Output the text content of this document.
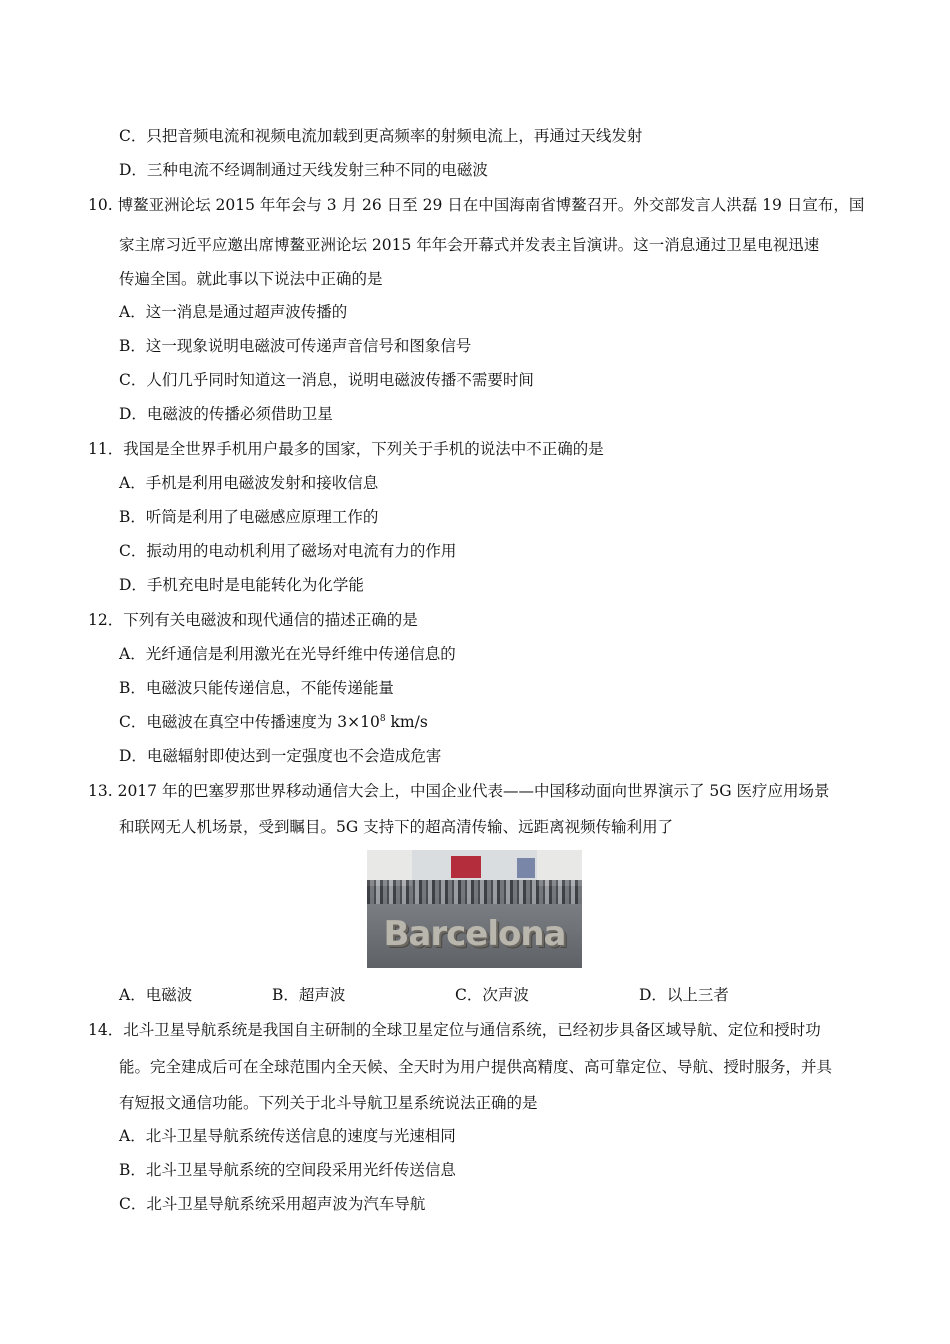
C．只把音频电流和视频电流加载到更高频率的射频电流上，再通过天线发射
D．三种电流不经调制通过天线发射三种不同的电磁波
10. 博鳌亚洲论坛 2015 年年会与 3 月 26 日至 29 日在中国海南省博鳌召开。外交部发言人洪磊 19 日宣布，国
家主席习近平应邀出席博鳌亚洲论坛 2015 年年会开幕式并发表主旨演讲。这一消息通过卫星电视迅速
传遍全国。就此事以下说法中正确的是
A．这一消息是通过超声波传播的
B．这一现象说明电磁波可传递声音信号和图象信号
C．人们几乎同时知道这一消息，说明电磁波传播不需要时间
D．电磁波的传播必须借助卫星
11．我国是全世界手机用户最多的国家，下列关于手机的说法中不正确的是
A．手机是利用电磁波发射和接收信息
B．听筒是利用了电磁感应原理工作的
C．振动用的电动机利用了磁场对电流有力的作用
D．手机充电时是电能转化为化学能
12．下列有关电磁波和现代通信的描述正确的是
A．光纤通信是利用激光在光导纤维中传递信息的
B．电磁波只能传递信息，不能传递能量
C．电磁波在真空中传播速度为 $3\times 10^8$ km/s
D．电磁辐射即使达到一定强度也不会造成危害
13. 2017 年的巴塞罗那世界移动通信大会上，中国企业代表——中国移动面向世界演示了 5G 医疗应用场景
和联网无人机场景，受到瞩目。5G 支持下的超高清传输、远距离视频传输利用了
Barcelona
A．电磁波	B．超声波	C．次声波	D．以上三者
14．北斗卫星导航系统是我国自主研制的全球卫星定位与通信系统，已经初步具备区域导航、定位和授时功
能。完全建成后可在全球范围内全天候、全天时为用户提供高精度、高可靠定位、导航、授时服务，并具
有短报文通信功能。下列关于北斗导航卫星系统说法正确的是
A．北斗卫星导航系统传送信息的速度与光速相同
B．北斗卫星导航系统的空间段采用光纤传送信息
C．北斗卫星导航系统采用超声波为汽车导航
